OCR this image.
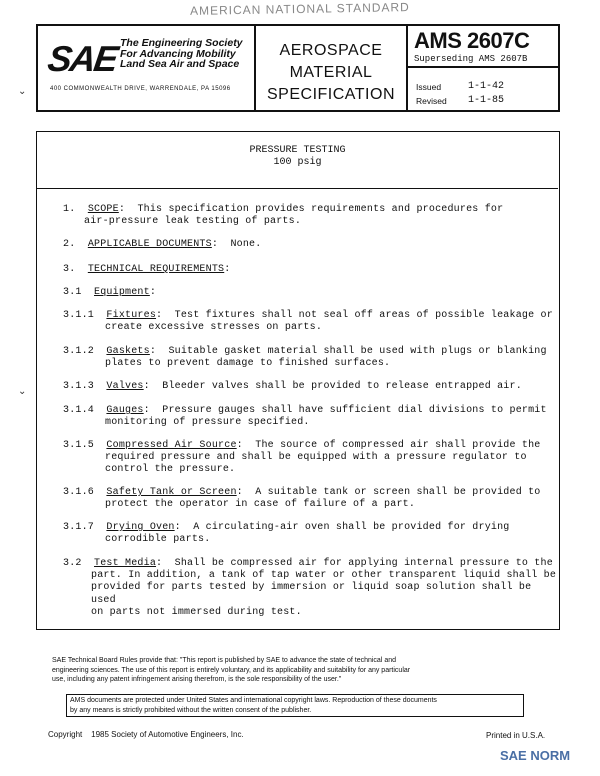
AMERICAN NATIONAL STANDARD
SAE The Engineering Society
For Advancing Mobility
Land Sea Air and Space
400 COMMONWEALTH DRIVE, WARRENDALE, PA 15096
AEROSPACE
MATERIAL
SPECIFICATION
AMS 2607C
Superseding AMS 2607B
Issued	1-1-42
Revised 1-1-85
⌄
⌄
PRESSURE TESTING
100 psig
1. SCOPE:  This specification provides requirements and procedures for
air-pressure leak testing of parts.
2. APPLICABLE DOCUMENTS:  None.
3. TECHNICAL REQUIREMENTS:
3.1 Equipment:
3.1.1 Fixtures:  Test fixtures shall not seal off areas of possible leakage or
create excessive stresses on parts.
3.1.2 Gaskets:  Suitable gasket material shall be used with plugs or blanking
plates to prevent damage to finished surfaces.
3.1.3 Valves:  Bleeder valves shall be provided to release entrapped air.
3.1.4 Gauges:  Pressure gauges shall have sufficient dial divisions to permit
monitoring of pressure specified.
3.1.5 Compressed Air Source:  The source of compressed air shall provide the
required pressure and shall be equipped with a pressure regulator to
control the pressure.
3.1.6 Safety Tank or Screen:  A suitable tank or screen shall be provided to
protect the operator in case of failure of a part.
3.1.7 Drying Oven:  A circulating-air oven shall be provided for drying
corrodible parts.
3.2 Test Media:  Shall be compressed air for applying internal pressure to the
part. In addition, a tank of tap water or other transparent liquid shall be
provided for parts tested by immersion or liquid soap solution shall be used
on parts not immersed during test.
SAE Technical Board Rules provide that: "This report is published by SAE to advance the state of technical and
engineering sciences. The use of this report is entirely voluntary, and its applicability and suitability for any particular
use, including any patent infringement arising therefrom, is the sole responsibility of the user."
AMS documents are protected under United States and international copyright laws. Reproduction of these documents
by any means is strictly prohibited without the written consent of the publisher.
Copyright 1985 Society of Automotive Engineers, Inc.	Printed in U.S.A.
SAE NORM
